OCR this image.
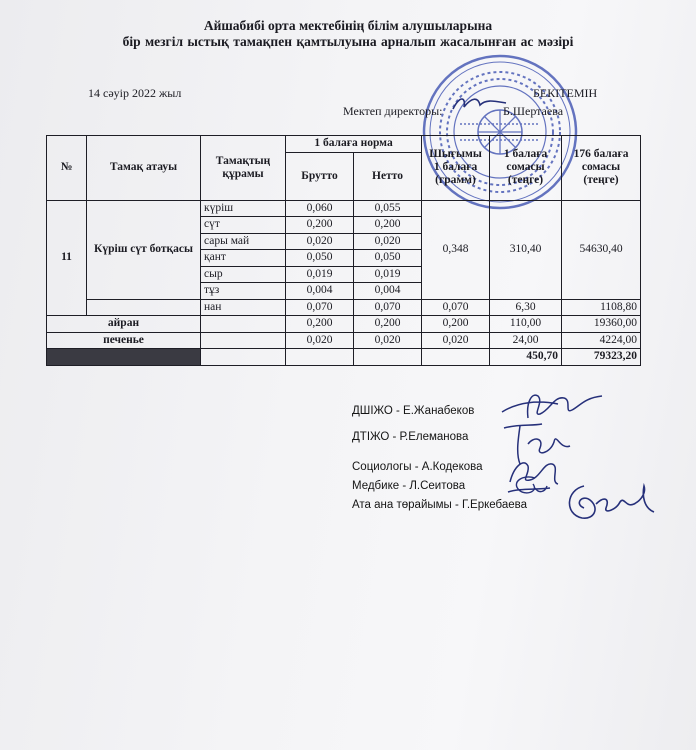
Айшабибі орта мектебінің білім алушыларына
бір мезгіл ыстық тамақпен қамтылуына арналып жасалынған ас мәзірі
14 сәуір 2022 жыл	БЕКІТЕМІН
Мектеп директоры:	Б.Шертаева
№	Тамақ атауы	Тамақтың құрамы	1 балаға норма		Шығымы 1 балаға (грамм)	1 балаға сомасы (теңге)	176 балаға сомасы (теңге)
			Брутто	Нетто			
11	Күріш сүт ботқасы	күріш	0,060	0,055	0,348	310,40	54630,40
		сүт	0,200	0,200			
		сары май	0,020	0,020			
		қант	0,050	0,050			
		сыр	0,019	0,019			
		тұз	0,004	0,004			
		нан	0,070	0,070	0,070	6,30	1108,80
айран			0,200	0,200	0,200	110,00	19360,00
печенье			0,020	0,020	0,020	24,00	4224,00
						450,70	79323,20
ДШІЖО - Е.Жанабеков
ДТІЖО - Р.Елеманова
Социологы - А.Кодекова
Медбике - Л.Сеитова
Ата ана төрайымы - Г.Еркебаева
